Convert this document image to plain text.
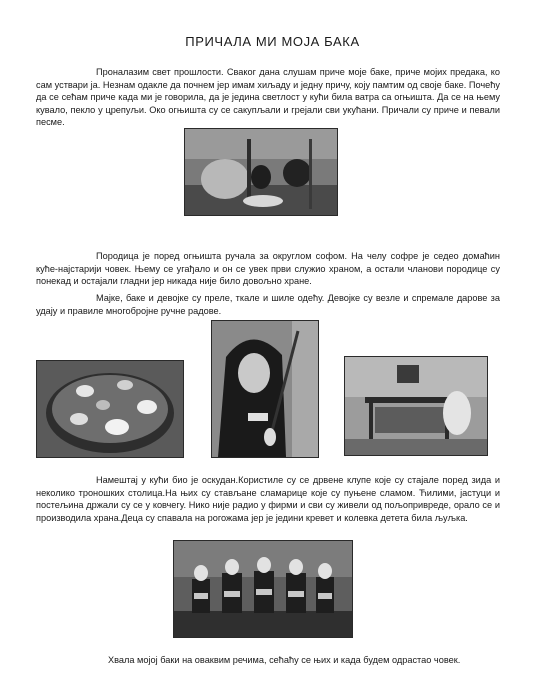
ПРИЧАЛА МИ МОЈА БАКА

Проналазим свет прошлости. Сваког дана слушам приче моје баке, приче мојих предака, ко сам уствари ја. Незнам одакле да почнем јер имам хиљаду и једну причу, коју памтим од своје баке. Почећу да се сећам приче када ми је говорила, да је једина светлост у кући била ватра са огњишта. Да се на њему кувало, пекло у црепуљи. Око огњишта су се сакупљали и грејали сви укућани. Причали су приче и певали песме.

Породица је поред огњишта ручала за округлом софом. На челу софре је седео домаћин куће-најстарији човек. Њему се угађало и он се увек први служио храном, а остали чланови породице су понекад и остајали гладни јер никада није било довољно хране.

Мајке, баке и девојке су преле, ткале и шиле одећу. Девојке су везле и спремале дарове за удају и правиле многобројне ручне радове.

Намештај у кући био је оскудан.Користиле су се дрвене клупе које су стајале поред зида и неколико троношких столица.На њих су стављане сламарице које су пуњене сламом. Ћилими, јастуци и постељина држали су се у ковчегу. Нико није радио у фирми и сви су живели од пољопривреде, орало се и производила храна.Деца су спавала на рогожама јер је једини кревет и колевка детета била љуљка.

Хвала мојој баки на оваквим речима, сећаћу се њих и када будем одрастао човек.
